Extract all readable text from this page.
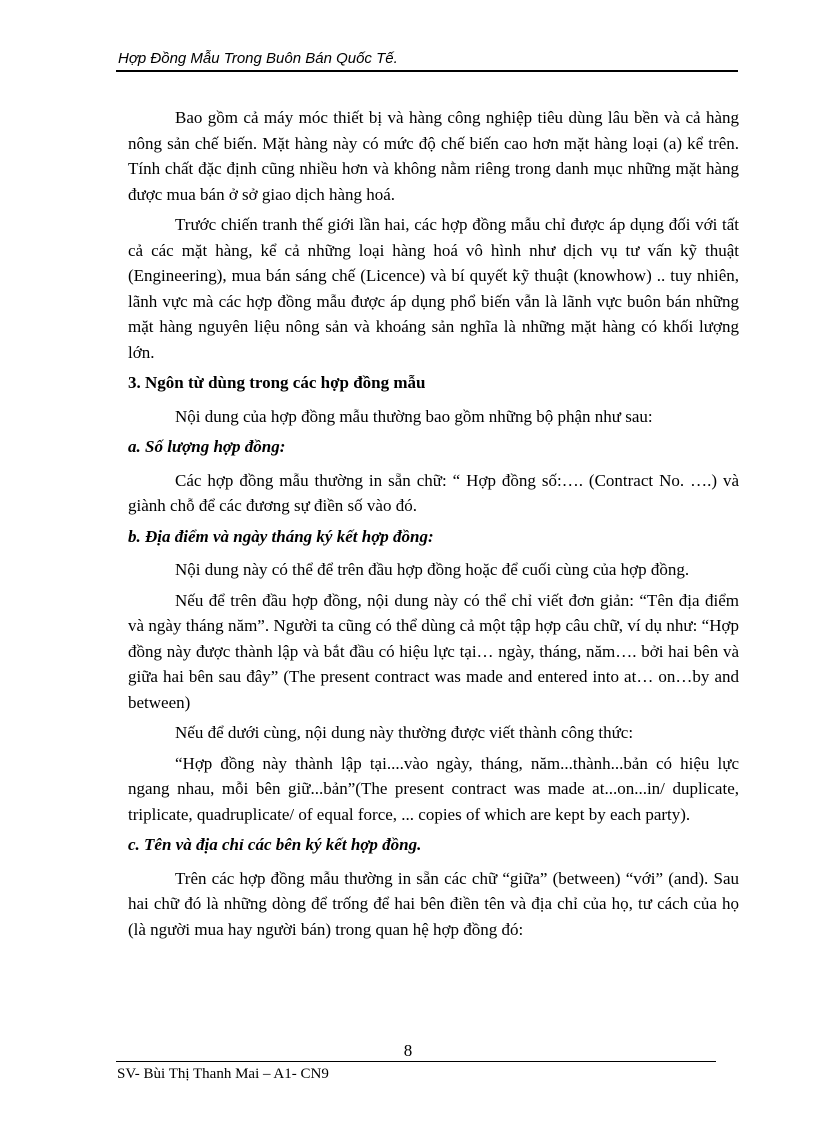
Hợp Đồng Mẫu Trong Buôn Bán Quốc Tế.

Bao gồm cả máy móc thiết bị và hàng công nghiệp tiêu dùng lâu bền và cả hàng nông sản chế biến. Mặt hàng này có mức độ chế biến cao hơn mặt hàng loại (a) kể trên. Tính chất đặc định cũng nhiều hơn và không nằm riêng trong danh mục những mặt hàng được mua bán ở sở giao dịch hàng hoá.

Trước chiến tranh thế giới lần hai, các hợp đồng mẫu chỉ được áp dụng đối với tất cả các mặt hàng, kể cả những loại hàng hoá vô hình như dịch vụ tư vấn kỹ thuật (Engineering), mua bán sáng chế (Licence) và bí quyết kỹ thuật (knowhow) .. tuy nhiên, lãnh vực mà các hợp đồng mẫu được áp dụng phổ biến vẫn là lãnh vực buôn bán những mặt hàng nguyên liệu nông sản và khoáng sản nghĩa là những mặt hàng có khối lượng lớn.

3. Ngôn từ dùng trong các hợp đồng mẫu

Nội dung của hợp đồng mẫu thường bao gồm những bộ phận như sau:

a. Số lượng hợp đồng:

Các hợp đồng mẫu thường in sẵn chữ: “ Hợp đồng số:…. (Contract No. ….) và giành chỗ để các đương sự điền số vào đó.

b. Địa điểm và ngày tháng ký kết hợp đồng:

Nội dung này có thể để trên đầu hợp đồng hoặc để cuối cùng của hợp đồng.

Nếu để trên đầu hợp đồng, nội dung này có thể chỉ viết đơn giản: “Tên địa điểm và ngày tháng năm”. Người ta cũng có thể dùng cả một tập hợp câu chữ, ví dụ như: “Hợp đồng này được thành lập và bắt đầu có hiệu lực tại… ngày, tháng, năm…. bởi hai bên và giữa hai bên sau đây” (The present contract was made and entered into at… on…by and between)

Nếu để dưới cùng, nội dung này thường được viết thành công thức:

“Hợp đồng này thành lập tại....vào ngày, tháng, năm...thành...bản có hiệu lực ngang nhau, mỗi bên giữ...bản”(The present contract was made at...on...in/ duplicate, triplicate, quadruplicate/ of equal force, ... copies of which are kept by each party).

c. Tên và địa chỉ các bên ký kết hợp đồng.

Trên các hợp đồng mẫu thường in sẵn các chữ “giữa” (between) “với” (and). Sau hai chữ đó là những dòng để trống để hai bên điền tên và địa chỉ của họ, tư cách của họ (là người mua hay người bán) trong quan hệ hợp đồng đó:

8
SV- Bùi Thị Thanh Mai – A1- CN9
